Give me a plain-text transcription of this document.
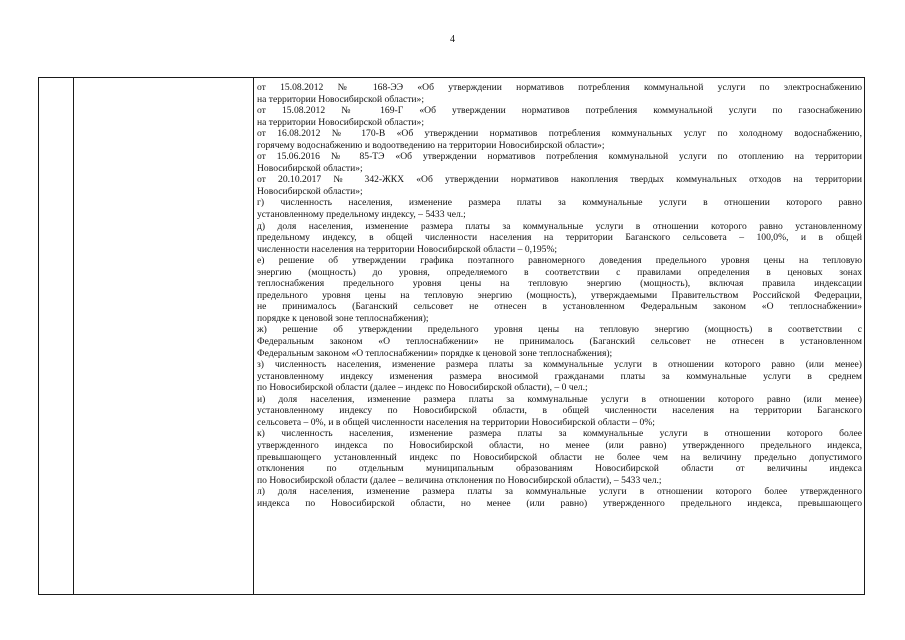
4
от 15.08.2012 № 168-ЭЭ «Об утверждении нормативов потребления коммунальной услуги по электроснабжению
на территории Новосибирской области»;
от 15.08.2012 № 169-Г «Об утверждении нормативов потребления коммунальной услуги по газоснабжению
на территории Новосибирской области»;
от 16.08.2012 № 170-В «Об утверждении нормативов потребления коммунальных услуг по холодному водоснабжению,
горячему водоснабжению и водоотведению на территории Новосибирской области»;
от 15.06.2016 № 85-ТЭ «Об утверждении нормативов потребления коммунальной услуги по отоплению на территории
Новосибирской области»;
от 20.10.2017 № 342-ЖКХ «Об утверждении нормативов накопления твердых коммунальных отходов на территории
Новосибирской области»;
г) численность населения, изменение размера платы за коммунальные услуги в отношении которого равно
установленному предельному индексу, – 5433 чел.;
д) доля населения, изменение размера платы за коммунальные услуги в отношении которого равно установленному
предельному индексу, в общей численности населения на территории Баганского сельсовета – 100,0%, и в общей
численности населения на территории Новосибирской области – 0,195%;
е) решение об утверждении графика поэтапного равномерного доведения предельного уровня цены на тепловую
энергию (мощность) до уровня, определяемого в соответствии с правилами определения в ценовых зонах
теплоснабжения предельного уровня цены на тепловую энергию (мощность), включая правила индексации
предельного уровня цены на тепловую энергию (мощность), утверждаемыми Правительством Российской Федерации,
не принималось (Баганский сельсовет не отнесен в установленном Федеральным законом «О теплоснабжении»
порядке к ценовой зоне теплоснабжения);
ж) решение об утверждении предельного уровня цены на тепловую энергию (мощность) в соответствии с
Федеральным законом «О теплоснабжении» не принималось (Баганский сельсовет не отнесен в установленном
Федеральным законом «О теплоснабжении» порядке к ценовой зоне теплоснабжения);
з) численность населения, изменение размера платы за коммунальные услуги в отношении которого равно (или менее)
установленному индексу изменения размера вносимой гражданами платы за коммунальные услуги в среднем
по Новосибирской области (далее – индекс по Новосибирской области), – 0 чел.;
и) доля населения, изменение размера платы за коммунальные услуги в отношении которого равно (или менее)
установленному индексу по Новосибирской области, в общей численности населения на территории Баганского
сельсовета – 0%, и в общей численности населения на территории Новосибирской области – 0%;
к) численность населения, изменение размера платы за коммунальные услуги в отношении которого более
утвержденного индекса по Новосибирской области, но менее (или равно) утвержденного предельного индекса,
превышающего установленный индекс по Новосибирской области не более чем на величину предельно допустимого
отклонения по отдельным муниципальным образованиям Новосибирской области от величины индекса
по Новосибирской области (далее – величина отклонения по Новосибирской области), – 5433 чел.;
л) доля населения, изменение размера платы за коммунальные услуги в отношении которого более утвержденного
индекса по Новосибирской области, но менее (или равно) утвержденного предельного индекса, превышающего
